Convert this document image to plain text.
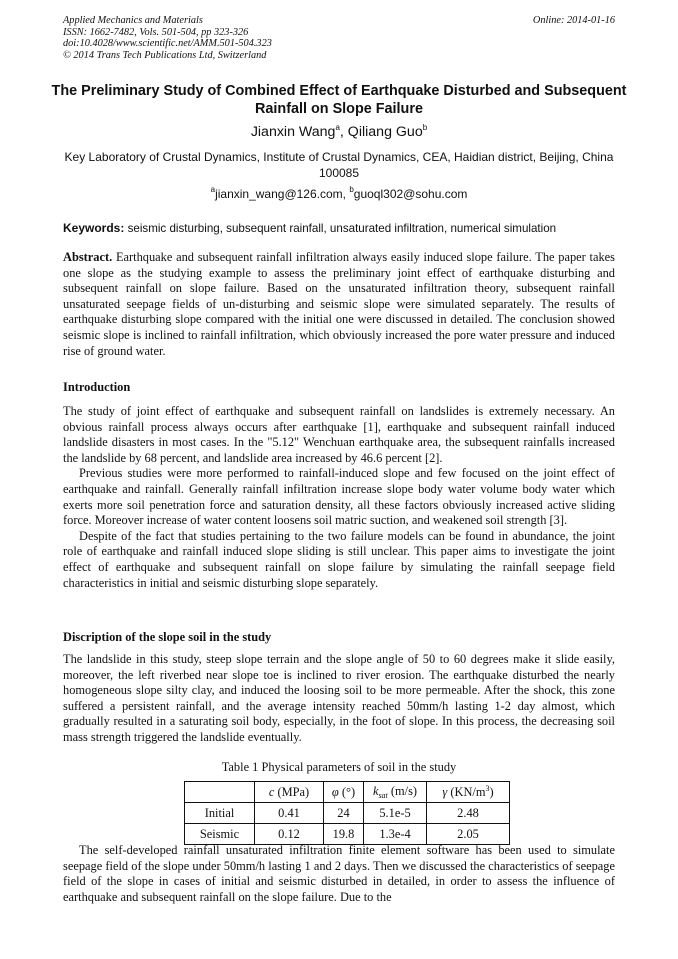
Applied Mechanics and Materials
ISSN: 1662-7482, Vols. 501-504, pp 323-326
doi:10.4028/www.scientific.net/AMM.501-504.323
© 2014 Trans Tech Publications Ltd, Switzerland
Online: 2014-01-16
The Preliminary Study of Combined Effect of Earthquake Disturbed and Subsequent Rainfall on Slope Failure
Jianxin Wang$^a$, Qiliang Guo$^b$
Key Laboratory of Crustal Dynamics, Institute of Crustal Dynamics, CEA, Haidian district, Beijing, China 100085
$^a$jianxin_wang@126.com, $^b$guoql302@sohu.com
Keywords: seismic disturbing, subsequent rainfall, unsaturated infiltration, numerical simulation

Abstract. Earthquake and subsequent rainfall infiltration always easily induced slope failure. The paper takes one slope as the studying example to assess the preliminary joint effect of earthquake disturbing and subsequent rainfall on slope failure. Based on the unsaturated infiltration theory, subsequent rainfall unsaturated seepage fields of un-disturbing and seismic slope were simulated separately. The results of earthquake disturbing slope compared with the initial one were discussed in detailed. The conclusion showed seismic slope is inclined to rainfall infiltration, which obviously increased the pore water pressure and induced rise of ground water.

Introduction

The study of joint effect of earthquake and subsequent rainfall on landslides is extremely necessary. An obvious rainfall process always occurs after earthquake [1], earthquake and subsequent rainfall induced landslide disasters in most cases. In the "5.12" Wenchuan earthquake area, the subsequent rainfalls increased the landslide by 68 percent, and landslide area increased by 46.6 percent [2].

Previous studies were more performed to rainfall-induced slope and few focused on the joint effect of earthquake and rainfall. Generally rainfall infiltration increase slope body water volume body water which exerts more soil penetration force and saturation density, all these factors obviously increased active sliding force. Moreover increase of water content loosens soil matric suction, and weakened soil strength [3].

Despite of the fact that studies pertaining to the two failure models can be found in abundance, the joint role of earthquake and rainfall induced slope sliding is still unclear. This paper aims to investigate the joint effect of earthquake and subsequent rainfall on slope failure by simulating the rainfall seepage field characteristics in initial and seismic disturbing slope separately.

Discription of the slope soil in the study

The landslide in this study, steep slope terrain and the slope angle of 50 to 60 degrees make it slide easily, moreover, the left riverbed near slope toe is inclined to river erosion. The earthquake disturbed the nearly homogeneous slope silty clay, and induced the loosing soil to be more permeable. After the shock, this zone suffered a persistent rainfall, and the average intensity reached 50mm/h lasting 1-2 day almost, which gradually resulted in a saturating soil body, especially, in the foot of slope. In this process, the decreasing soil mass strength triggered the landslide eventually.

Table 1 Physical parameters of soil in the study
	c (MPa)	φ (°)	$k_{sat}$ (m/s)	γ $(KN/m^3)$
Initial	0.41	24	5.1e-5	2.48
Seismic	0.12	19.8	1.3e-4	2.05

The self-developed rainfall unsaturated infiltration finite element software has been used to simulate seepage field of the slope under 50mm/h lasting 1 and 2 days. Then we discussed the characteristics of seepage field of the slope in cases of initial and seismic disturbed in detailed, in order to assess the influence of earthquake and subsequent rainfall on the slope failure. Due to the
